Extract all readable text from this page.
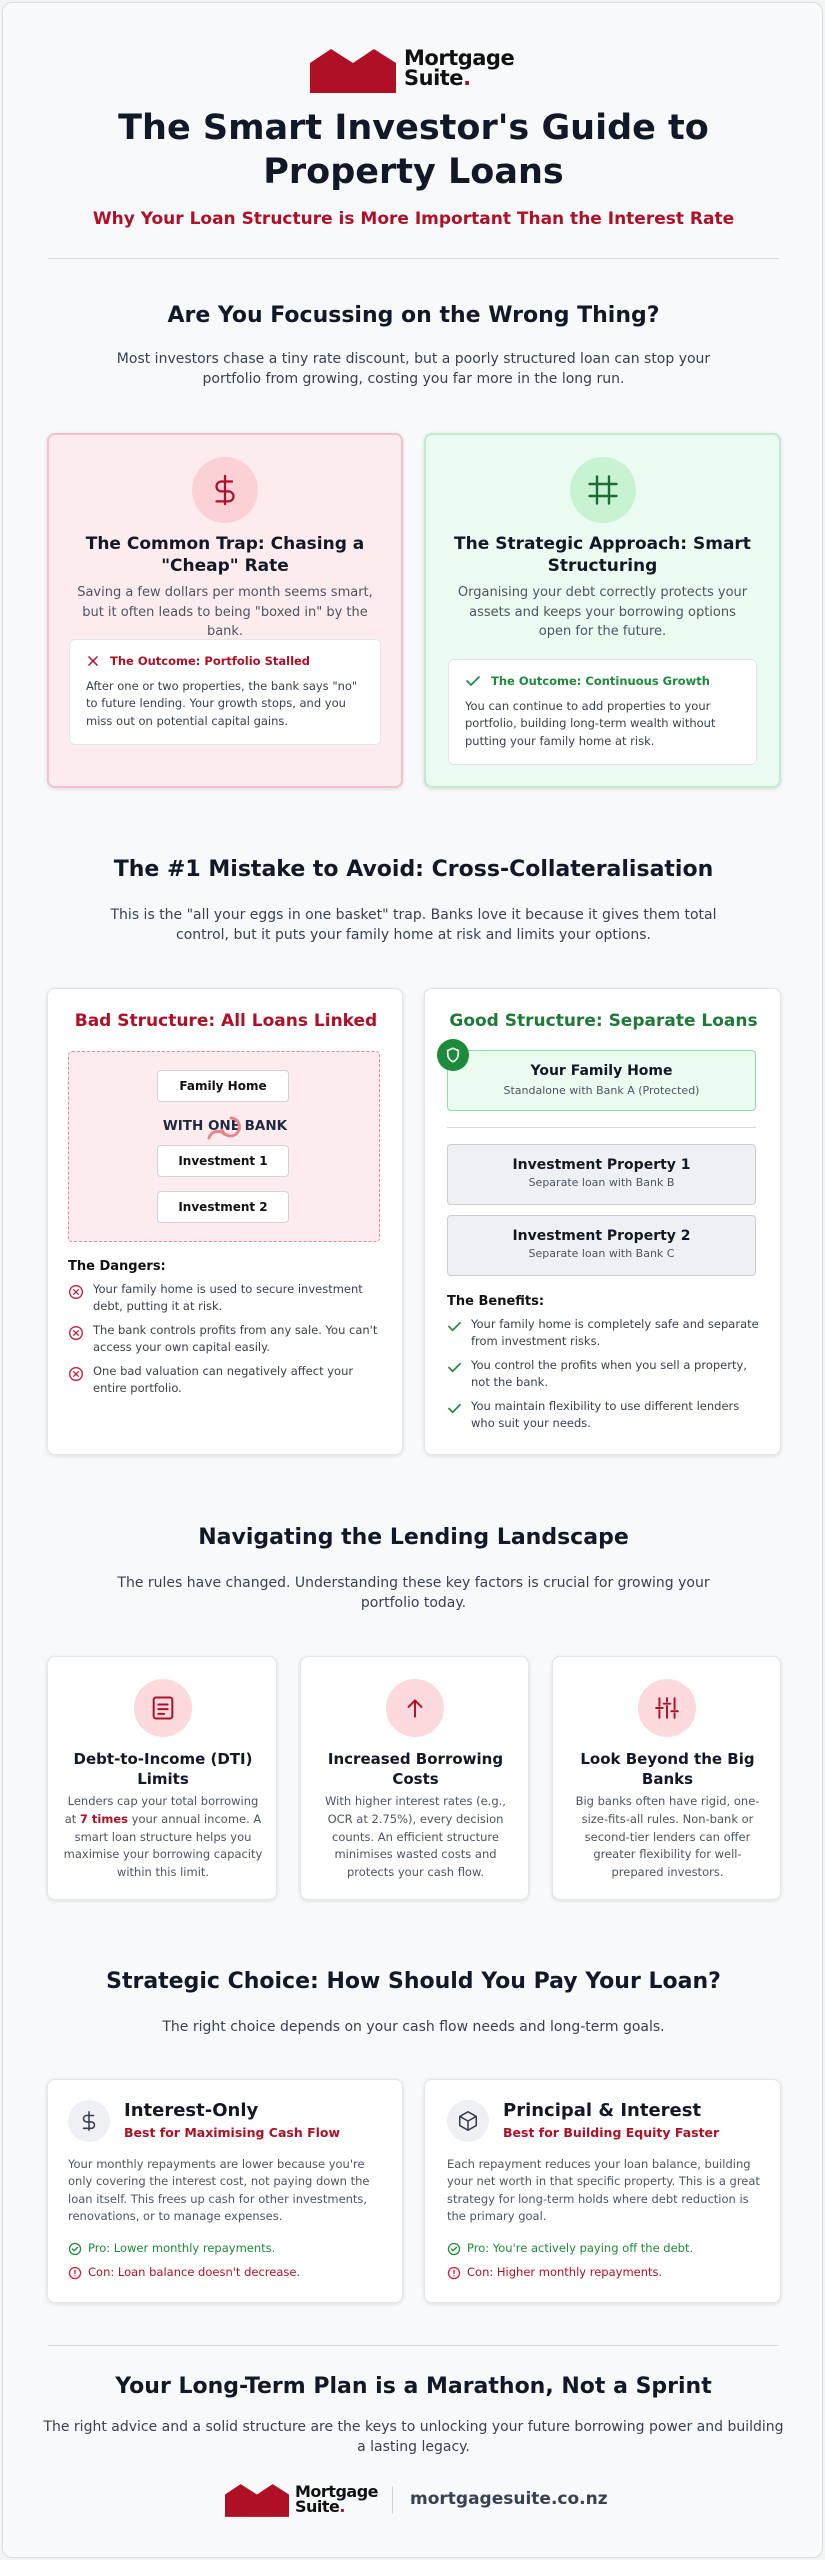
Mortgage
Suite.
The Smart Investor's Guide to Property Loans
Why Your Loan Structure is More Important Than the Interest Rate
Are You Focussing on the Wrong Thing?
Most investors chase a tiny rate discount, but a poorly structured loan can stop your portfolio from growing, costing you far more in the long run.
The Common Trap: Chasing a "Cheap" Rate
Saving a few dollars per month seems smart, but it often leads to being "boxed in" by the bank.
The Outcome: Portfolio Stalled
After one or two properties, the bank says "no" to future lending. Your growth stops, and you miss out on potential capital gains.
The Strategic Approach: Smart Structuring
Organising your debt correctly protects your assets and keeps your borrowing options open for the future.
The Outcome: Continuous Growth
You can continue to add properties to your portfolio, building long-term wealth without putting your family home at risk.
The #1 Mistake to Avoid: Cross-Collateralisation
This is the "all your eggs in one basket" trap. Banks love it because it gives them total control, but it puts your family home at risk and limits your options.
Bad Structure: All Loans Linked
Family Home
WITH ONE BANK
Investment 1
Investment 2
The Dangers:
Your family home is used to secure investment debt, putting it at risk.
The bank controls profits from any sale. You can't access your own capital easily.
One bad valuation can negatively affect your entire portfolio.
Good Structure: Separate Loans
Your Family Home
Standalone with Bank A (Protected)
Investment Property 1
Separate loan with Bank B
Investment Property 2
Separate loan with Bank C
The Benefits:
Your family home is completely safe and separate from investment risks.
You control the profits when you sell a property, not the bank.
You maintain flexibility to use different lenders who suit your needs.
Navigating the Lending Landscape
The rules have changed. Understanding these key factors is crucial for growing your portfolio today.
Debt-to-Income (DTI) Limits
Lenders cap your total borrowing at 7 times your annual income. A smart loan structure helps you maximise your borrowing capacity within this limit.
Increased Borrowing Costs
With higher interest rates (e.g., OCR at 2.75%), every decision counts. An efficient structure minimises wasted costs and protects your cash flow.
Look Beyond the Big Banks
Big banks often have rigid, one-size-fits-all rules. Non-bank or second-tier lenders can offer greater flexibility for well-prepared investors.
Strategic Choice: How Should You Pay Your Loan?
The right choice depends on your cash flow needs and long-term goals.
Interest-Only
Best for Maximising Cash Flow
Your monthly repayments are lower because you're only covering the interest cost, not paying down the loan itself. This frees up cash for other investments, renovations, or to manage expenses.
Pro: Lower monthly repayments.
Con: Loan balance doesn't decrease.
Principal & Interest
Best for Building Equity Faster
Each repayment reduces your loan balance, building your net worth in that specific property. This is a great strategy for long-term holds where debt reduction is the primary goal.
Pro: You're actively paying off the debt.
Con: Higher monthly repayments.
Your Long-Term Plan is a Marathon, Not a Sprint
The right advice and a solid structure are the keys to unlocking your future borrowing power and building a lasting legacy.
Mortgage
Suite.	mortgagesuite.co.nz
